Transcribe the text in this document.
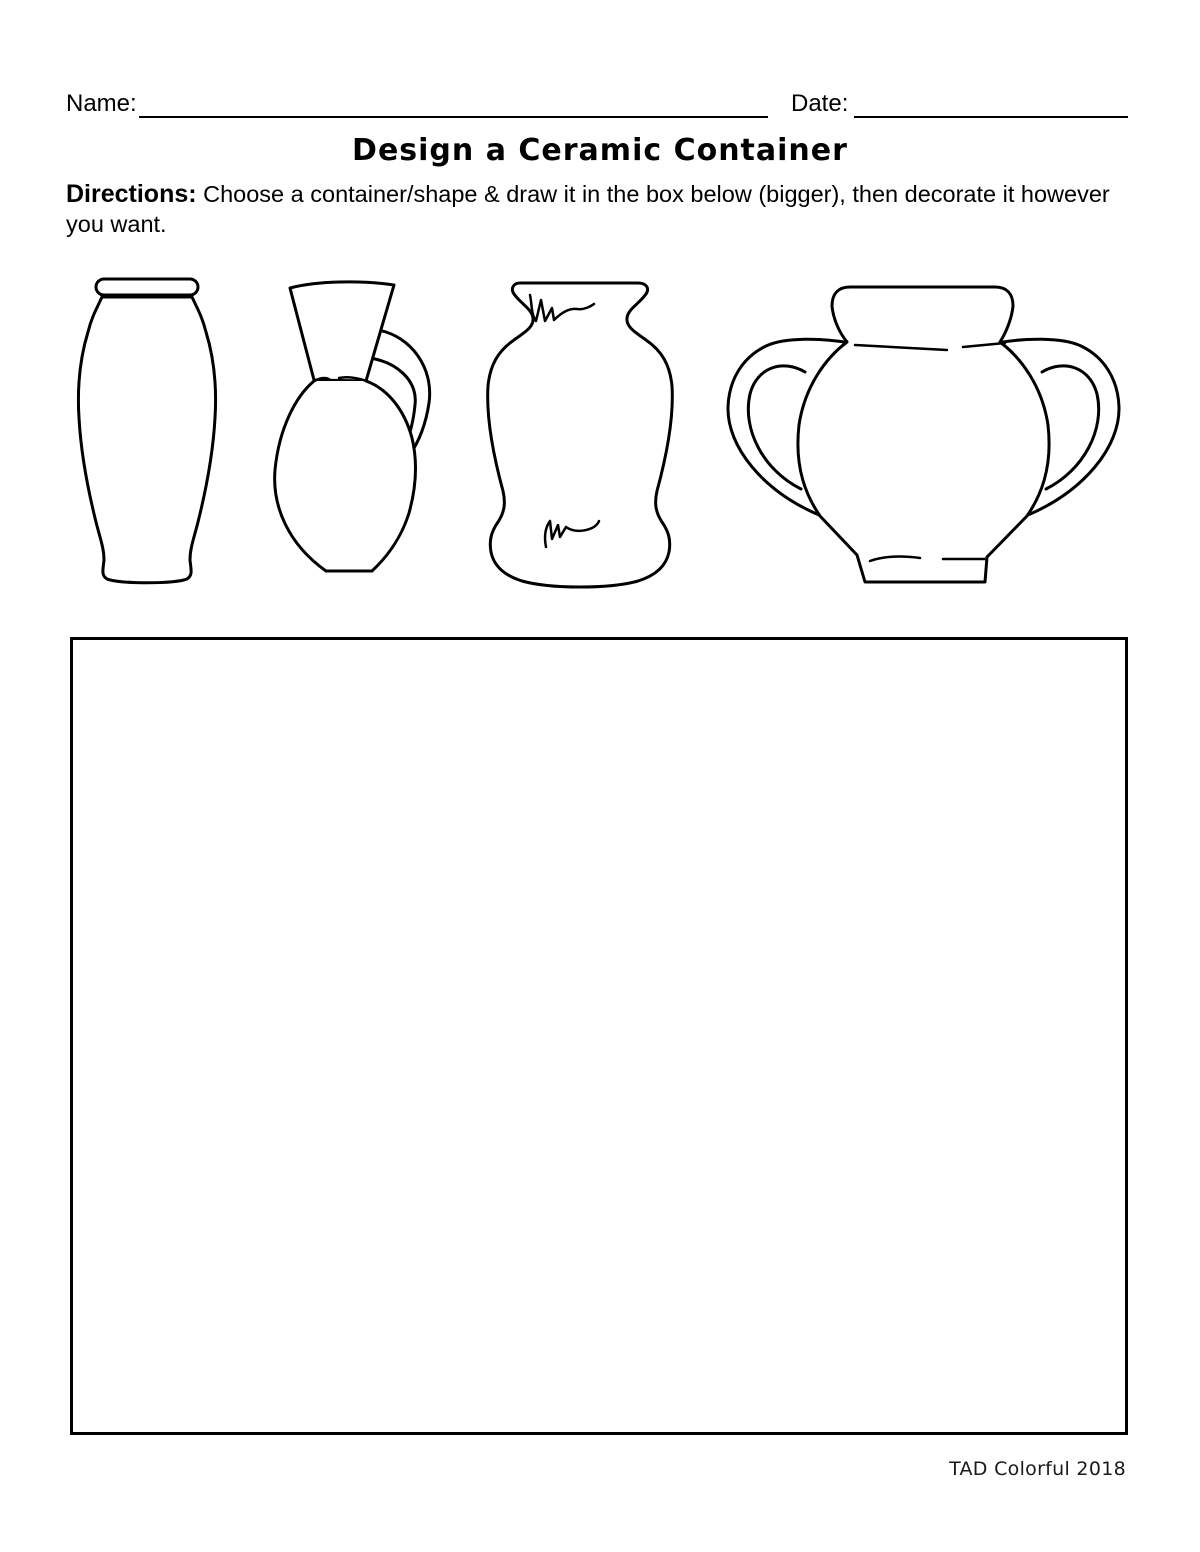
Name:	Date:
Design a Ceramic Container
Directions: Choose a container/shape & draw it in the box below (bigger), then decorate it however you want.
TAD Colorful 2018
